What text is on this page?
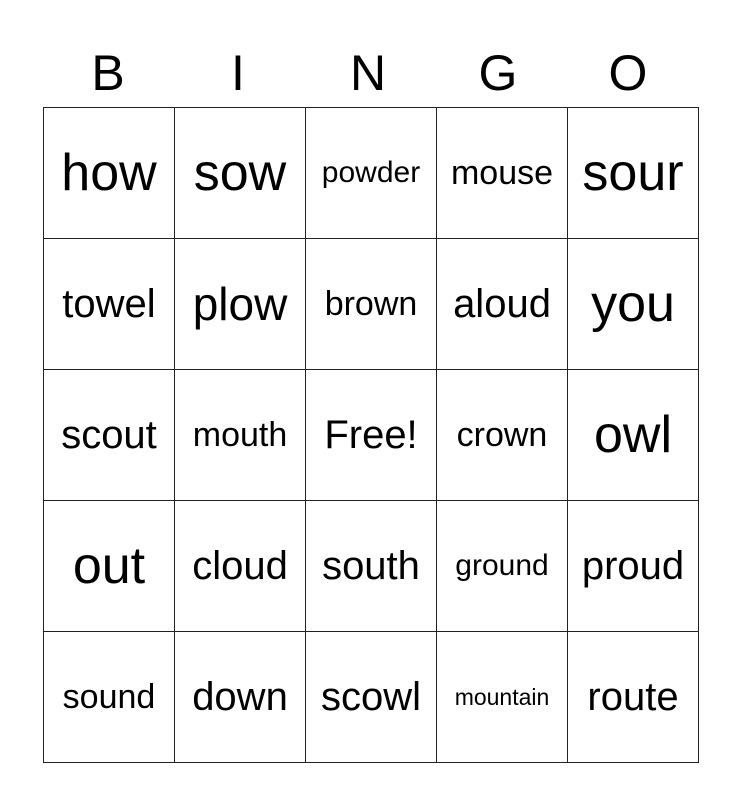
B	I	N	G	O
how	sow	powder	mouse	sour
towel	plow	brown	aloud	you
scout	mouth	Free!	crown	owl
out	cloud	south	ground	proud
sound	down	scowl	mountain	route
